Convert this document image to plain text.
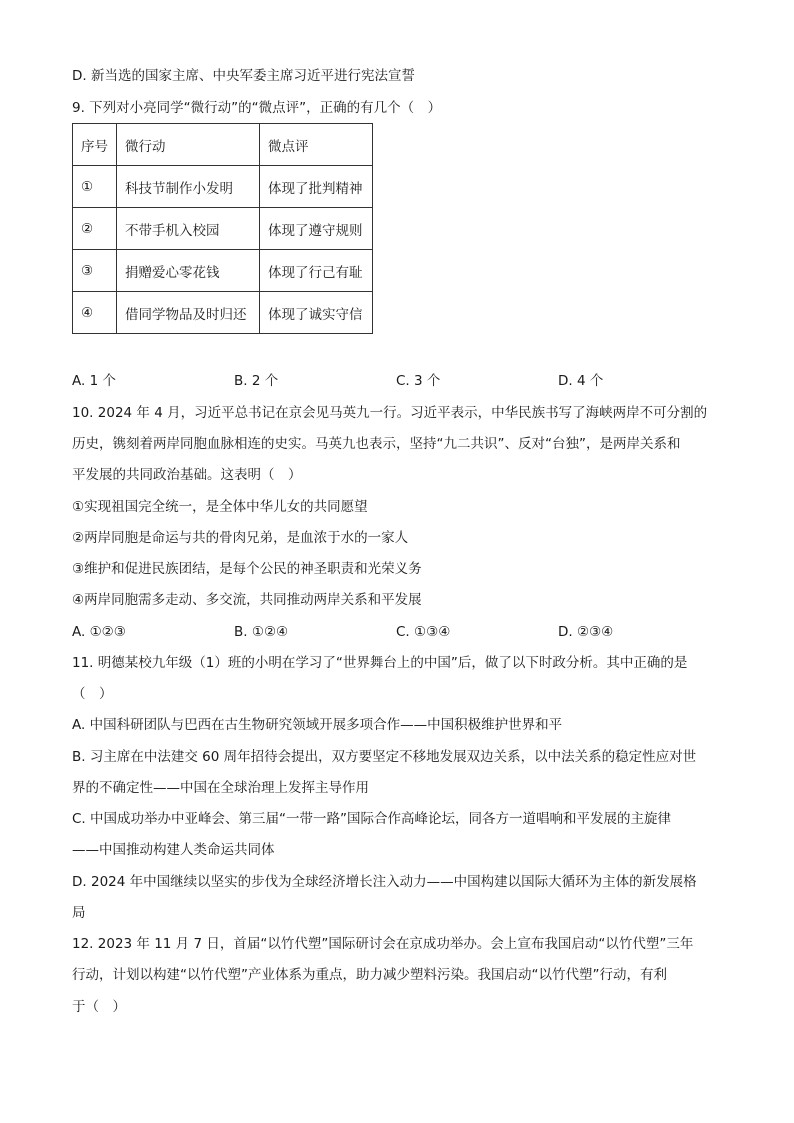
D. 新当选的国家主席、中央军委主席习近平进行宪法宣誓
9. 下列对小亮同学“微行动”的“微点评”，正确的有几个（　）
序号	微行动	微点评
①	科技节制作小发明	体现了批判精神
②	不带手机入校园	体现了遵守规则
③	捐赠爱心零花钱	体现了行己有耻
④	借同学物品及时归还	体现了诚实守信
A. 1 个	B. 2 个	C. 3 个	D. 4 个
10. 2024 年 4 月，习近平总书记在京会见马英九一行。习近平表示，中华民族书写了海峡两岸不可分割的
历史，镌刻着两岸同胞血脉相连的史实。马英九也表示，坚持“九二共识”、反对“台独”，是两岸关系和
平发展的共同政治基础。这表明（　）
①实现祖国完全统一，是全体中华儿女的共同愿望
②两岸同胞是命运与共的骨肉兄弟，是血浓于水的一家人
③维护和促进民族团结，是每个公民的神圣职责和光荣义务
④两岸同胞需多走动、多交流，共同推动两岸关系和平发展
A. ①②③	B. ①②④	C. ①③④	D. ②③④
11. 明德某校九年级（1）班的小明在学习了“世界舞台上的中国”后，做了以下时政分析。其中正确的是
（　）
A. 中国科研团队与巴西在古生物研究领域开展多项合作——中国积极维护世界和平
B. 习主席在中法建交 60 周年招待会提出，双方要坚定不移地发展双边关系，以中法关系的稳定性应对世
界的不确定性——中国在全球治理上发挥主导作用
C. 中国成功举办中亚峰会、第三届“一带一路”国际合作高峰论坛，同各方一道唱响和平发展的主旋律
——中国推动构建人类命运共同体
D. 2024 年中国继续以坚实的步伐为全球经济增长注入动力——中国构建以国际大循环为主体的新发展格
局
12. 2023 年 11 月 7 日，首届“以竹代塑”国际研讨会在京成功举办。会上宣布我国启动“以竹代塑”三年
行动，计划以构建“以竹代塑”产业体系为重点，助力减少塑料污染。我国启动“以竹代塑”行动，有利
于（　）
